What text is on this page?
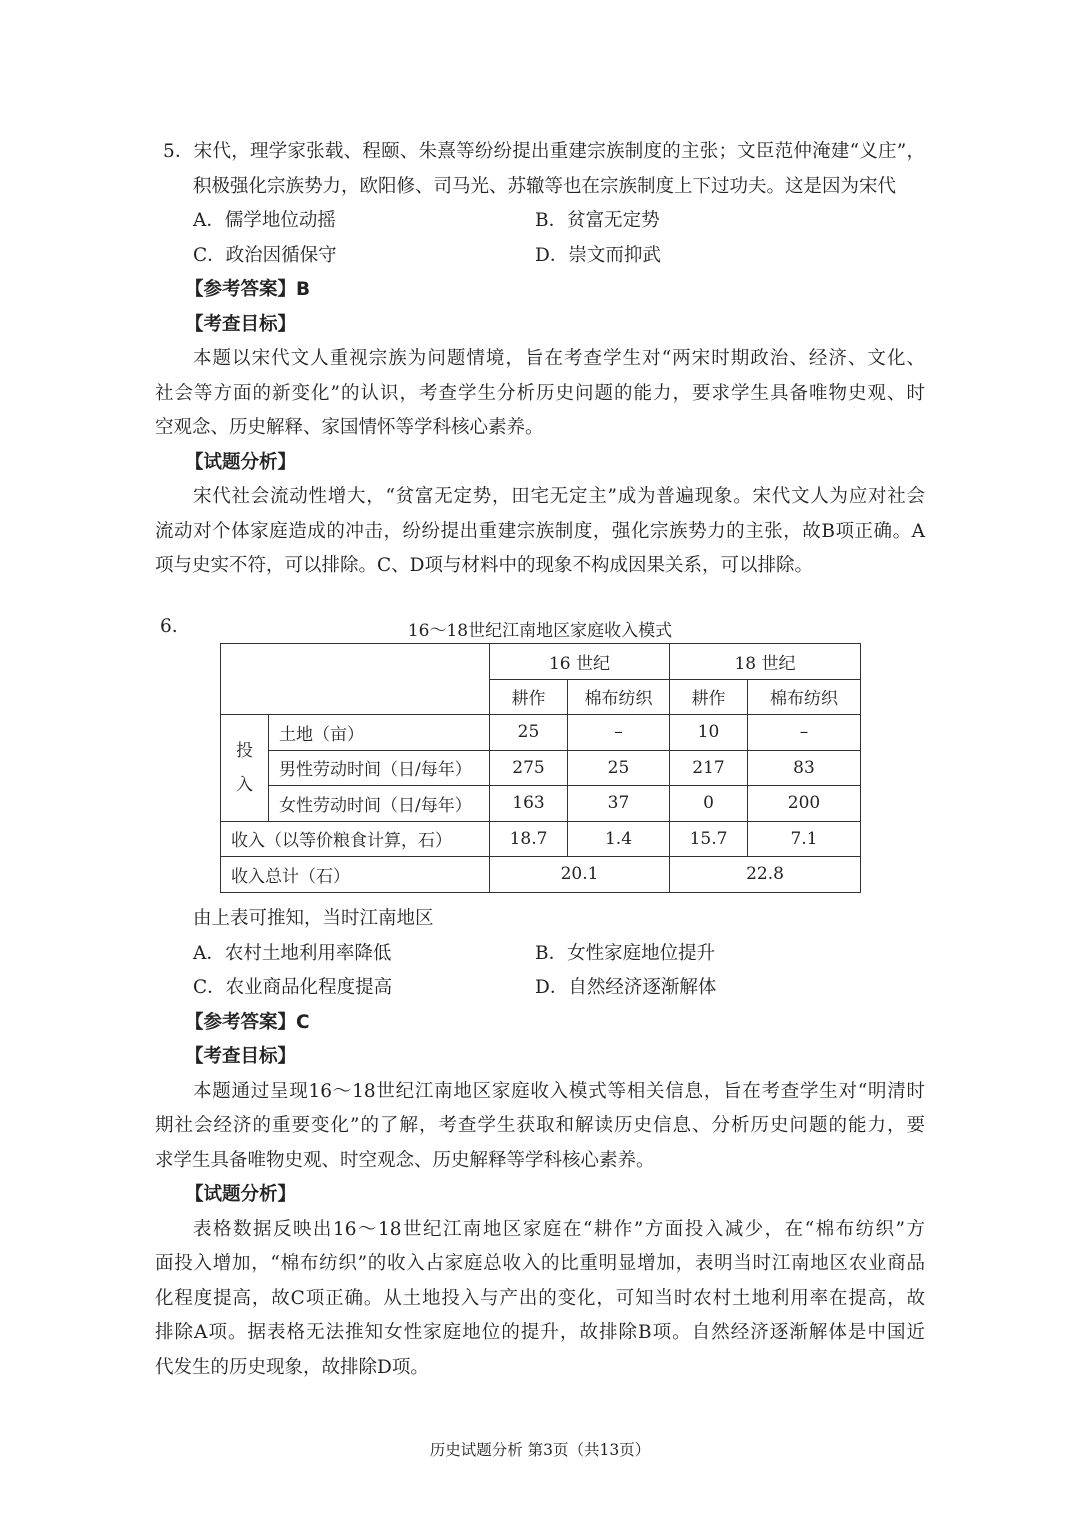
5．宋代，理学家张载、程颐、朱熹等纷纷提出重建宗族制度的主张；文臣范仲淹建“义庄”，
积极强化宗族势力，欧阳修、司马光、苏辙等也在宗族制度上下过功夫。这是因为宋代
A．儒学地位动摇	B．贫富无定势
C．政治因循保守	D．崇文而抑武
【参考答案】B
【考查目标】
本题以宋代文人重视宗族为问题情境，旨在考查学生对“两宋时期政治、经济、文化、
社会等方面的新变化”的认识，考查学生分析历史问题的能力，要求学生具备唯物史观、时
空观念、历史解释、家国情怀等学科核心素养。
【试题分析】
宋代社会流动性增大，“贫富无定势，田宅无定主”成为普遍现象。宋代文人为应对社会
流动对个体家庭造成的冲击，纷纷提出重建宗族制度，强化宗族势力的主张，故B项正确。A
项与史实不符，可以排除。C、D项与材料中的现象不构成因果关系，可以排除。
6.	16～18世纪江南地区家庭收入模式
		16 世纪		18 世纪	
		耕作	棉布纺织	耕作	棉布纺织
投入	土地（亩）	25	–	10	–
	男性劳动时间（日/每年）	275	25	217	83
	女性劳动时间（日/每年）	163	37	0	200
收入（以等价粮食计算，石）		18.7	1.4	15.7	7.1
收入总计（石）		20.1		22.8	
由上表可推知，当时江南地区
A．农村土地利用率降低	B．女性家庭地位提升
C．农业商品化程度提高	D．自然经济逐渐解体
【参考答案】C
【考查目标】
本题通过呈现16～18世纪江南地区家庭收入模式等相关信息，旨在考查学生对“明清时
期社会经济的重要变化”的了解，考查学生获取和解读历史信息、分析历史问题的能力，要
求学生具备唯物史观、时空观念、历史解释等学科核心素养。
【试题分析】
表格数据反映出16～18世纪江南地区家庭在“耕作”方面投入减少，在“棉布纺织”方
面投入增加，“棉布纺织”的收入占家庭总收入的比重明显增加，表明当时江南地区农业商品
化程度提高，故C项正确。从土地投入与产出的变化，可知当时农村土地利用率在提高，故
排除A项。据表格无法推知女性家庭地位的提升，故排除B项。自然经济逐渐解体是中国近
代发生的历史现象，故排除D项。
历史试题分析 第3页（共13页）
